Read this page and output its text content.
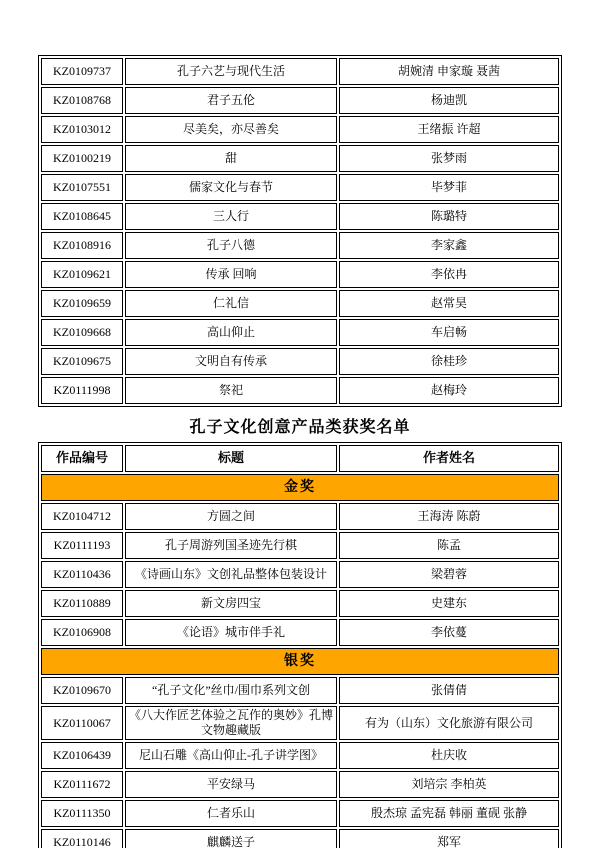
KZ0109737	孔子六艺与现代生活	胡婉清 申家璇 聂茜
KZ0108768	君子五伦	杨迪凯
KZ0103012	尽美矣，亦尽善矣	王绪振 许超
KZ0100219	甜	张梦雨
KZ0107551	儒家文化与春节	毕梦菲
KZ0108645	三人行	陈璐特
KZ0108916	孔子八德	李家鑫
KZ0109621	传承 回响	李依冉
KZ0109659	仁礼信	赵常昊
KZ0109668	高山仰止	车启畅
KZ0109675	文明自有传承	徐桂珍
KZ0111998	祭祀	赵梅玲
孔子文化创意产品类获奖名单
作品编号	标题	作者姓名
金奖		
KZ0104712	方圆之间	王海涛 陈蔚
KZ0111193	孔子周游列国圣迹先行棋	陈孟
KZ0110436	《诗画山东》文创礼品整体包装设计	梁碧蓉
KZ0110889	新文房四宝	史建东
KZ0106908	《论语》城市伴手礼	李依蔓
银奖		
KZ0109670	“孔子文化”丝巾/围巾系列文创	张倩倩
KZ0110067	《八大作匠艺体验之瓦作的奥妙》孔博文物趣藏版	有为（山东）文化旅游有限公司
KZ0106439	尼山石雕《高山仰止-孔子讲学图》	杜庆收
KZ0111672	平安绿马	刘培宗 李柏英
KZ0111350	仁者乐山	殷杰琼 孟宪磊 韩丽 董砚 张静
KZ0110146	麒麟送子	郑军
